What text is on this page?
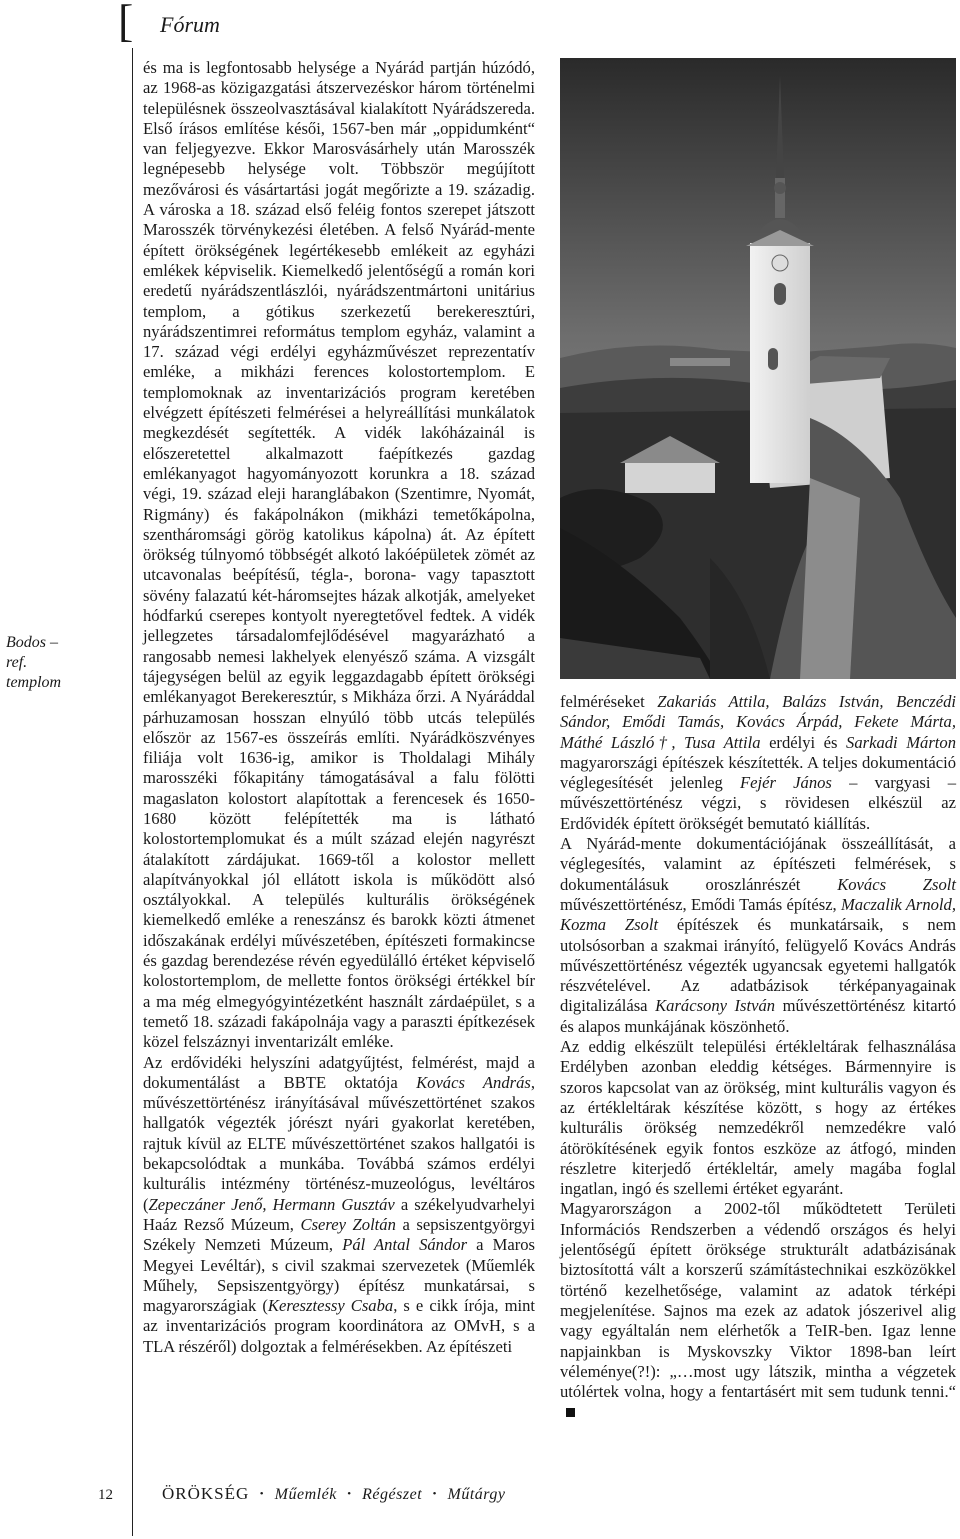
[ Fórum
Bodos –
ref. templom

és ma is legfontosabb helysége a Nyárád partján húzódó, az 1968-as közigazgatási átszervezéskor három történelmi településnek összeolvasztásával kialakított Nyárádszereda. Első írásos említése késői, 1567-ben már „oppidumként“ van feljegyezve. Ekkor Marosvásárhely után Marosszék legnépesebb helysége volt. Többször megújított mezővárosi és vásártartási jogát megőrizte a 19. századig. A városka a 18. század első feléig fontos szerepet játszott Marosszék törvénykezési életében. A felső Nyárád-mente épített örökségének legértékesebb emlékeit az egyházi emlékek képviselik. Kiemelkedő jelentőségű a román kori eredetű nyárádszentlászlói, nyárádszentmártoni unitárius templom, a gótikus szerkezetű berekeresztúri, nyárádszentimrei református templom egyház, valamint a 17. század végi erdélyi egyházművészet reprezentatív emléke, a mikházi ferences kolostortemplom. E templomoknak az inventarizációs program keretében elvégzett építészeti felmérései a helyreállítási munkálatok megkezdését segítették. A vidék lakóházainál is előszeretettel alkalmazott faépítkezés gazdag emlékanyagot hagyományozott korunkra a 18. század végi, 19. század eleji haranglábakon (Szentimre, Nyomát, Rigmány) és fakápolnákon (mikházi temetőkápolna, szentháromsági görög katolikus kápolna) át. Az épített örökség túlnyomó többségét alkotó lakóépületek zömét az utcavonalas beépítésű, tégla-, borona- vagy tapasztott sövény falazatú két-háromsejtes házak alkotják, amelyeket hódfarkú cserepes kontyolt nyeregtetővel fedtek. A vidék jellegzetes társadalomfejlődésével magyarázható a rangosabb nemesi lakhelyek elenyésző száma. A vizsgált tájegységen belül az egyik leggazdagabb épített örökségi emlékanyagot Berekeresztúr, s Mikháza őrzi. A Nyáráddal párhuzamosan hosszan elnyúló több utcás település először az 1567-es összeírás említi. Nyárádköszvényes filiája volt 1636-ig, amikor is Tholdalagi Mihály marosszéki főkapitány támogatásával a falu fölötti magaslaton kolostort alapítottak a ferencesek és 1650-1680 között felépítették ma is látható kolostortemplomukat és a múlt század elején nagyrészt átalakított zárdájukat. 1669-től a kolostor mellett alapítványokkal jól ellátott iskola is működött alsó osztályokkal. A település kulturális örökségének kiemelkedő emléke a reneszánsz és barokk közti átmenet időszakának erdélyi művészetében, építészeti formakincse és gazdag berendezése révén egyedülálló értéket képviselő kolostortemplom, de mellette fontos örökségi értékkel bír a ma még elmegyógyintézetként használt zárdaépület, s a temető 18. századi fakápolnája vagy a paraszti építkezések közel felszáznyi inventarizált emléke.

Az erdővidéki helyszíni adatgyűjtést, felmérést, majd a dokumentálást a BBTE oktatója Kovács András, művészettörténész irányításával művészettörténet szakos hallgatók végezték jórészt nyári gyakorlat keretében, rajtuk kívül az ELTE művészettörténet szakos hallgatói is bekapcsolódtak a munkába. Továbbá számos erdélyi kulturális intézmény történész-muzeológus, levéltáros (Zepeczáner Jenő, Hermann Gusztáv a székelyudvarhelyi Haáz Rezső Múzeum, Cserey Zoltán a sepsiszentgyörgyi Székely Nemzeti Múzeum, Pál Antal Sándor a Maros Megyei Levéltár), s civil szakmai szervezetek (Műemlék Műhely, Sepsiszentgyörgy) építész munkatársai, s magyarországiak (Keresztessy Csaba, s e cikk írója, mint az inventarizációs program koordinátora az OMvH, s a TLA részéről) dolgoztak a felmérésekben. Az építészeti

felméréseket Zakariás Attila, Balázs István, Benczédi Sándor, Emődi Tamás, Kovács Árpád, Fekete Márta, Máthé László†, Tusa Attila erdélyi és Sarkadi Márton magyarországi építészek készítették. A teljes dokumentáció véglegesítését jelenleg Fejér János – vargyasi – művészettörténész végzi, s rövidesen elkészül az Erdővidék épített örökségét bemutató kiállítás.

A Nyárád-mente dokumentációjának összeállítását, a véglegesítés, valamint az építészeti felmérések, s dokumentálásuk oroszlánrészét Kovács Zsolt művészettörténész, Emődi Tamás építész, Maczalik Arnold, Kozma Zsolt építészek és munkatársaik, s nem utolsósorban a szakmai irányító, felügyelő Kovács András művészettörténész végezték ugyancsak egyetemi hallgatók részvételével. Az adatbázisok térképanyagainak digitalizálása Karácsony István művészettörténész kitartó és alapos munkájának köszönhető.

Az eddig elkészült települési értékleltárak felhasználása Erdélyben azonban eleddig kétséges. Bármennyire is szoros kapcsolat van az örökség, mint kulturális vagyon és az értékleltárak készítése között, s hogy az értékes kulturális örökség nemzedékről nemzedékre való átörökítésének egyik fontos eszköze az átfogó, minden részletre kiterjedő értékleltár, amely magába foglal ingatlan, ingó és szellemi értéket egyaránt.

Magyarországon a 2002-től működtetett Területi Információs Rendszerben a védendő országos és helyi jelentőségű épített öröksége strukturált adatbázisának biztosítottá vált a korszerű számítástechnikai eszközökkel történő kezelhetősége, valamint az adatok térképi megjelenítése. Sajnos ma ezek az adatok jószerivel alig vagy egyáltalán nem elérhetők a TeIR-ben. Igaz lenne napjainkban is Myskovszky Viktor 1898-ban leírt véleménye(?!): „…most ugy látszik, mintha a végzetek utólértek volna, hogy a fentartásért mit sem tudunk tenni.“

12	ÖRÖKSÉG • Műemlék • Régészet • Műtárgy
